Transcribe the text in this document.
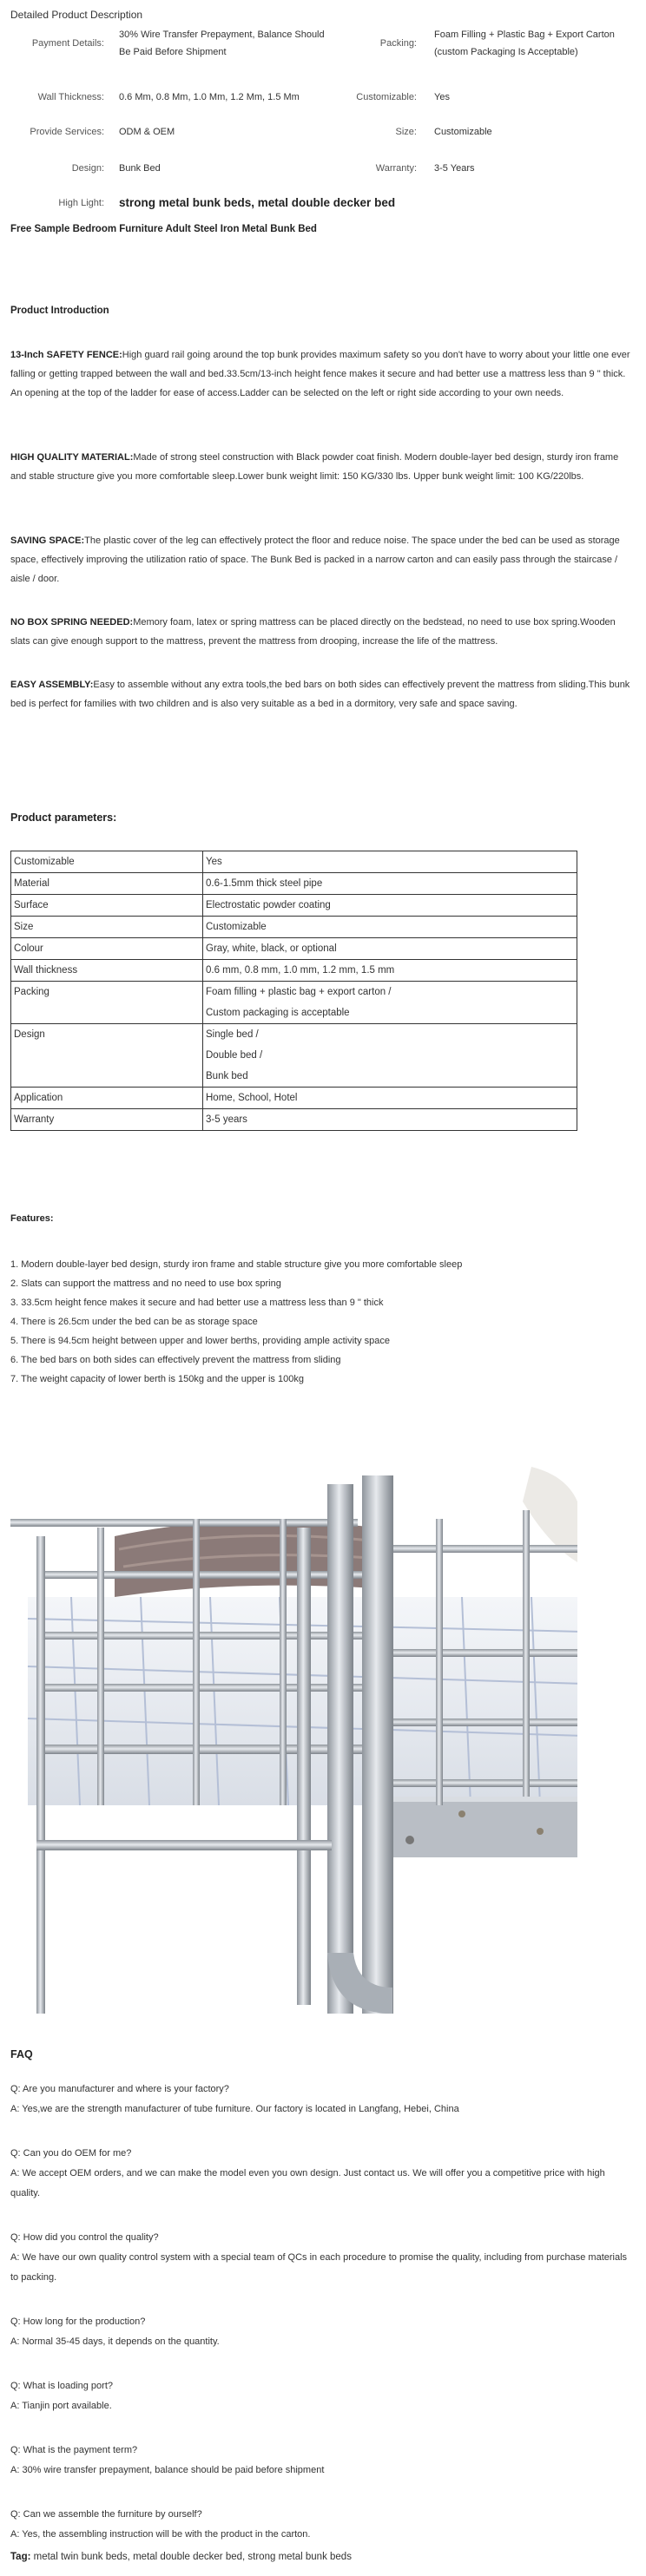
Detailed Product Description
Payment Details:
30% Wire Transfer Prepayment, Balance Should Be Paid Before Shipment
Packing:
Foam Filling + Plastic Bag + Export Carton (custom Packaging Is Acceptable)
Wall Thickness: 0.6 Mm, 0.8 Mm, 1.0 Mm, 1.2 Mm, 1.5 Mm	Customizable: Yes
Provide Services: ODM & OEM	Size: Customizable
Design: Bunk Bed	Warranty: 3-5 Years
High Light: strong metal bunk beds, metal double decker bed
Free Sample Bedroom Furniture Adult Steel Iron Metal Bunk Bed
Product Introduction
13-Inch SAFETY FENCE:High guard rail going around the top bunk provides maximum safety so you don't have to worry about your little one ever falling or getting trapped between the wall and bed.33.5cm/13-inch height fence makes it secure and had better use a mattress less than 9 " thick. An opening at the top of the ladder for ease of access.Ladder can be selected on the left or right side according to your own needs.
HIGH QUALITY MATERIAL:Made of strong steel construction with Black powder coat finish. Modern double-layer bed design, sturdy iron frame and stable structure give you more comfortable sleep.Lower bunk weight limit: 150 KG/330 lbs. Upper bunk weight limit: 100 KG/220lbs.
SAVING SPACE:The plastic cover of the leg can effectively protect the floor and reduce noise. The space under the bed can be used as storage space, effectively improving the utilization ratio of space. The Bunk Bed is packed in a narrow carton and can easily pass through the staircase / aisle / door.
NO BOX SPRING NEEDED:Memory foam, latex or spring mattress can be placed directly on the bedstead, no need to use box spring.Wooden slats can give enough support to the mattress, prevent the mattress from drooping, increase the life of the mattress.
EASY ASSEMBLY:Easy to assemble without any extra tools,the bed bars on both sides can effectively prevent the mattress from sliding.This bunk bed is perfect for families with two children and is also very suitable as a bed in a dormitory, very safe and space saving.
Product parameters:
Customizable	Yes

Material	0.6-1.5mm thick steel pipe

Surface	Electrostatic powder coating

Size	Customizable

Colour	Gray, white, black, or optional

Wall thickness	0.6 mm, 0.8 mm, 1.0 mm, 1.2 mm, 1.5 mm

Packing	Foam filling + plastic bag + export carton /
Custom packaging is acceptable

Design	Single bed /
Double bed /
Bunk bed

Application	Home, School, Hotel

Warranty	3-5 years
Features:
1. Modern double-layer bed design, sturdy iron frame and stable structure give you more comfortable sleep
2. Slats can support the mattress and no need to use box spring
3. 33.5cm height fence makes it secure and had better use a mattress less than 9 " thick
4. There is 26.5cm under the bed can be as storage space
5. There is 94.5cm height between upper and lower berths, providing ample activity space
6. The bed bars on both sides can effectively prevent the mattress from sliding
7. The weight capacity of lower berth is 150kg and the upper is 100kg
FAQ
Q: Are you manufacturer and where is your factory?
A: Yes,we are the strength manufacturer of tube furniture. Our factory is located in Langfang, Hebei, China
Q: Can you do OEM for me?
A: We accept OEM orders, and we can make the model even you own design. Just contact us. We will offer you a competitive price with high quality.
Q: How did you control the quality?
A: We have our own quality control system with a special team of QCs in each procedure to promise the quality, including from purchase materials to packing.
Q: How long for the production?
A: Normal 35-45 days, it depends on the quantity.
Q: What is loading port?
A: Tianjin port available.
Q: What is the payment term?
A: 30% wire transfer prepayment, balance should be paid before shipment
Q: Can we assemble the furniture by ourself?
A: Yes, the assembling instruction will be with the product in the carton.
Tag: metal twin bunk beds, metal double decker bed, strong metal bunk beds
